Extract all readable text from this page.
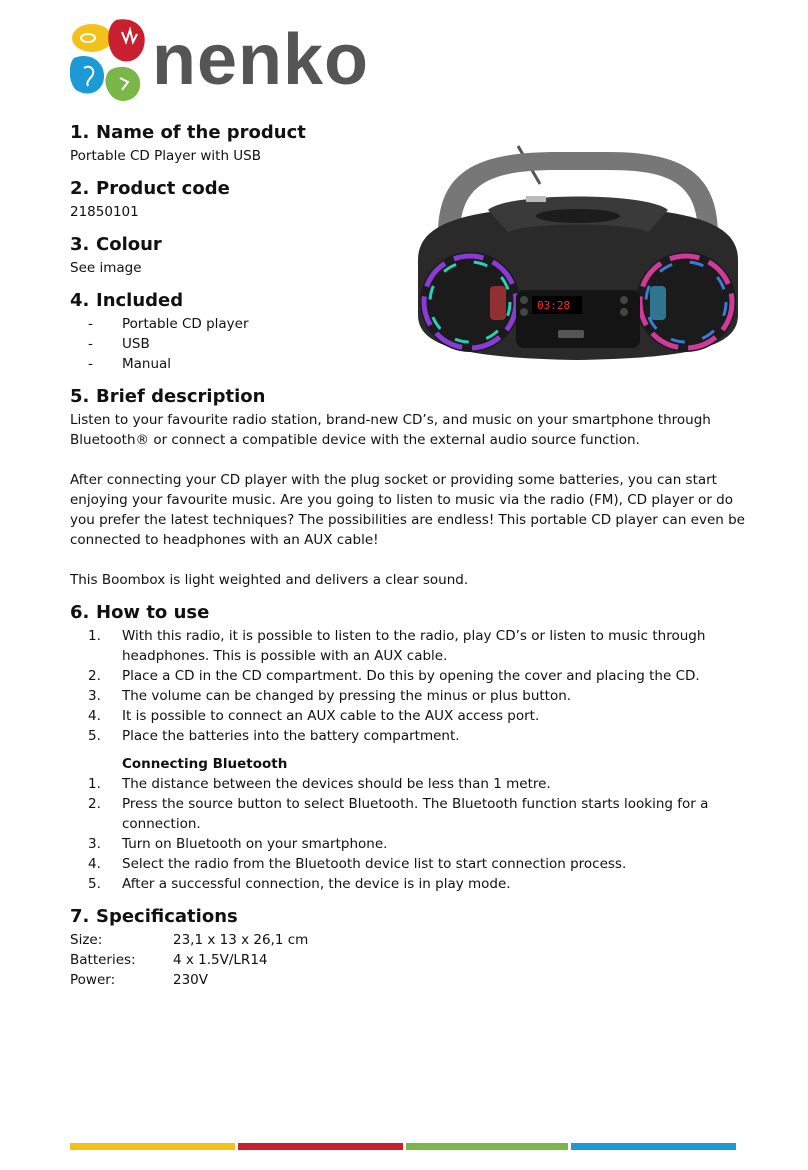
nenko
03:28
1. Name of the product

Portable CD Player with USB

2. Product code

21850101

3. Colour

See image

4. Included
- Portable CD player
- USB
- Manual
5. Brief description

Listen to your favourite radio station, brand-new CD’s, and music on your smartphone through Bluetooth® or connect a compatible device with the external audio source function.

After connecting your CD player with the plug socket or providing some batteries, you can start enjoying your favourite music. Are you going to listen to music via the radio (FM), CD player or do you prefer the latest techniques? The possibilities are endless! This portable CD player can even be connected to headphones with an AUX cable!

This Boombox is light weighted and delivers a clear sound.

6. How to use
1. With this radio, it is possible to listen to the radio, play CD’s or listen to music through headphones. This is possible with an AUX cable.
2. Place a CD in the CD compartment. Do this by opening the cover and placing the CD.
3. The volume can be changed by pressing the minus or plus button.
4. It is possible to connect an AUX cable to the AUX access port.
5. Place the batteries into the battery compartment.

Connecting Bluetooth

1. The distance between the devices should be less than 1 metre.
2. Press the source button to select Bluetooth. The Bluetooth function starts looking for a connection.
3. Turn on Bluetooth on your smartphone.
4. Select the radio from the Bluetooth device list to start connection process.
5. After a successful connection, the device is in play mode.
7. Specifications
Size:	23,1 x 13 x 26,1 cm
Batteries:	4 x 1.5V/LR14
Power:	230V
